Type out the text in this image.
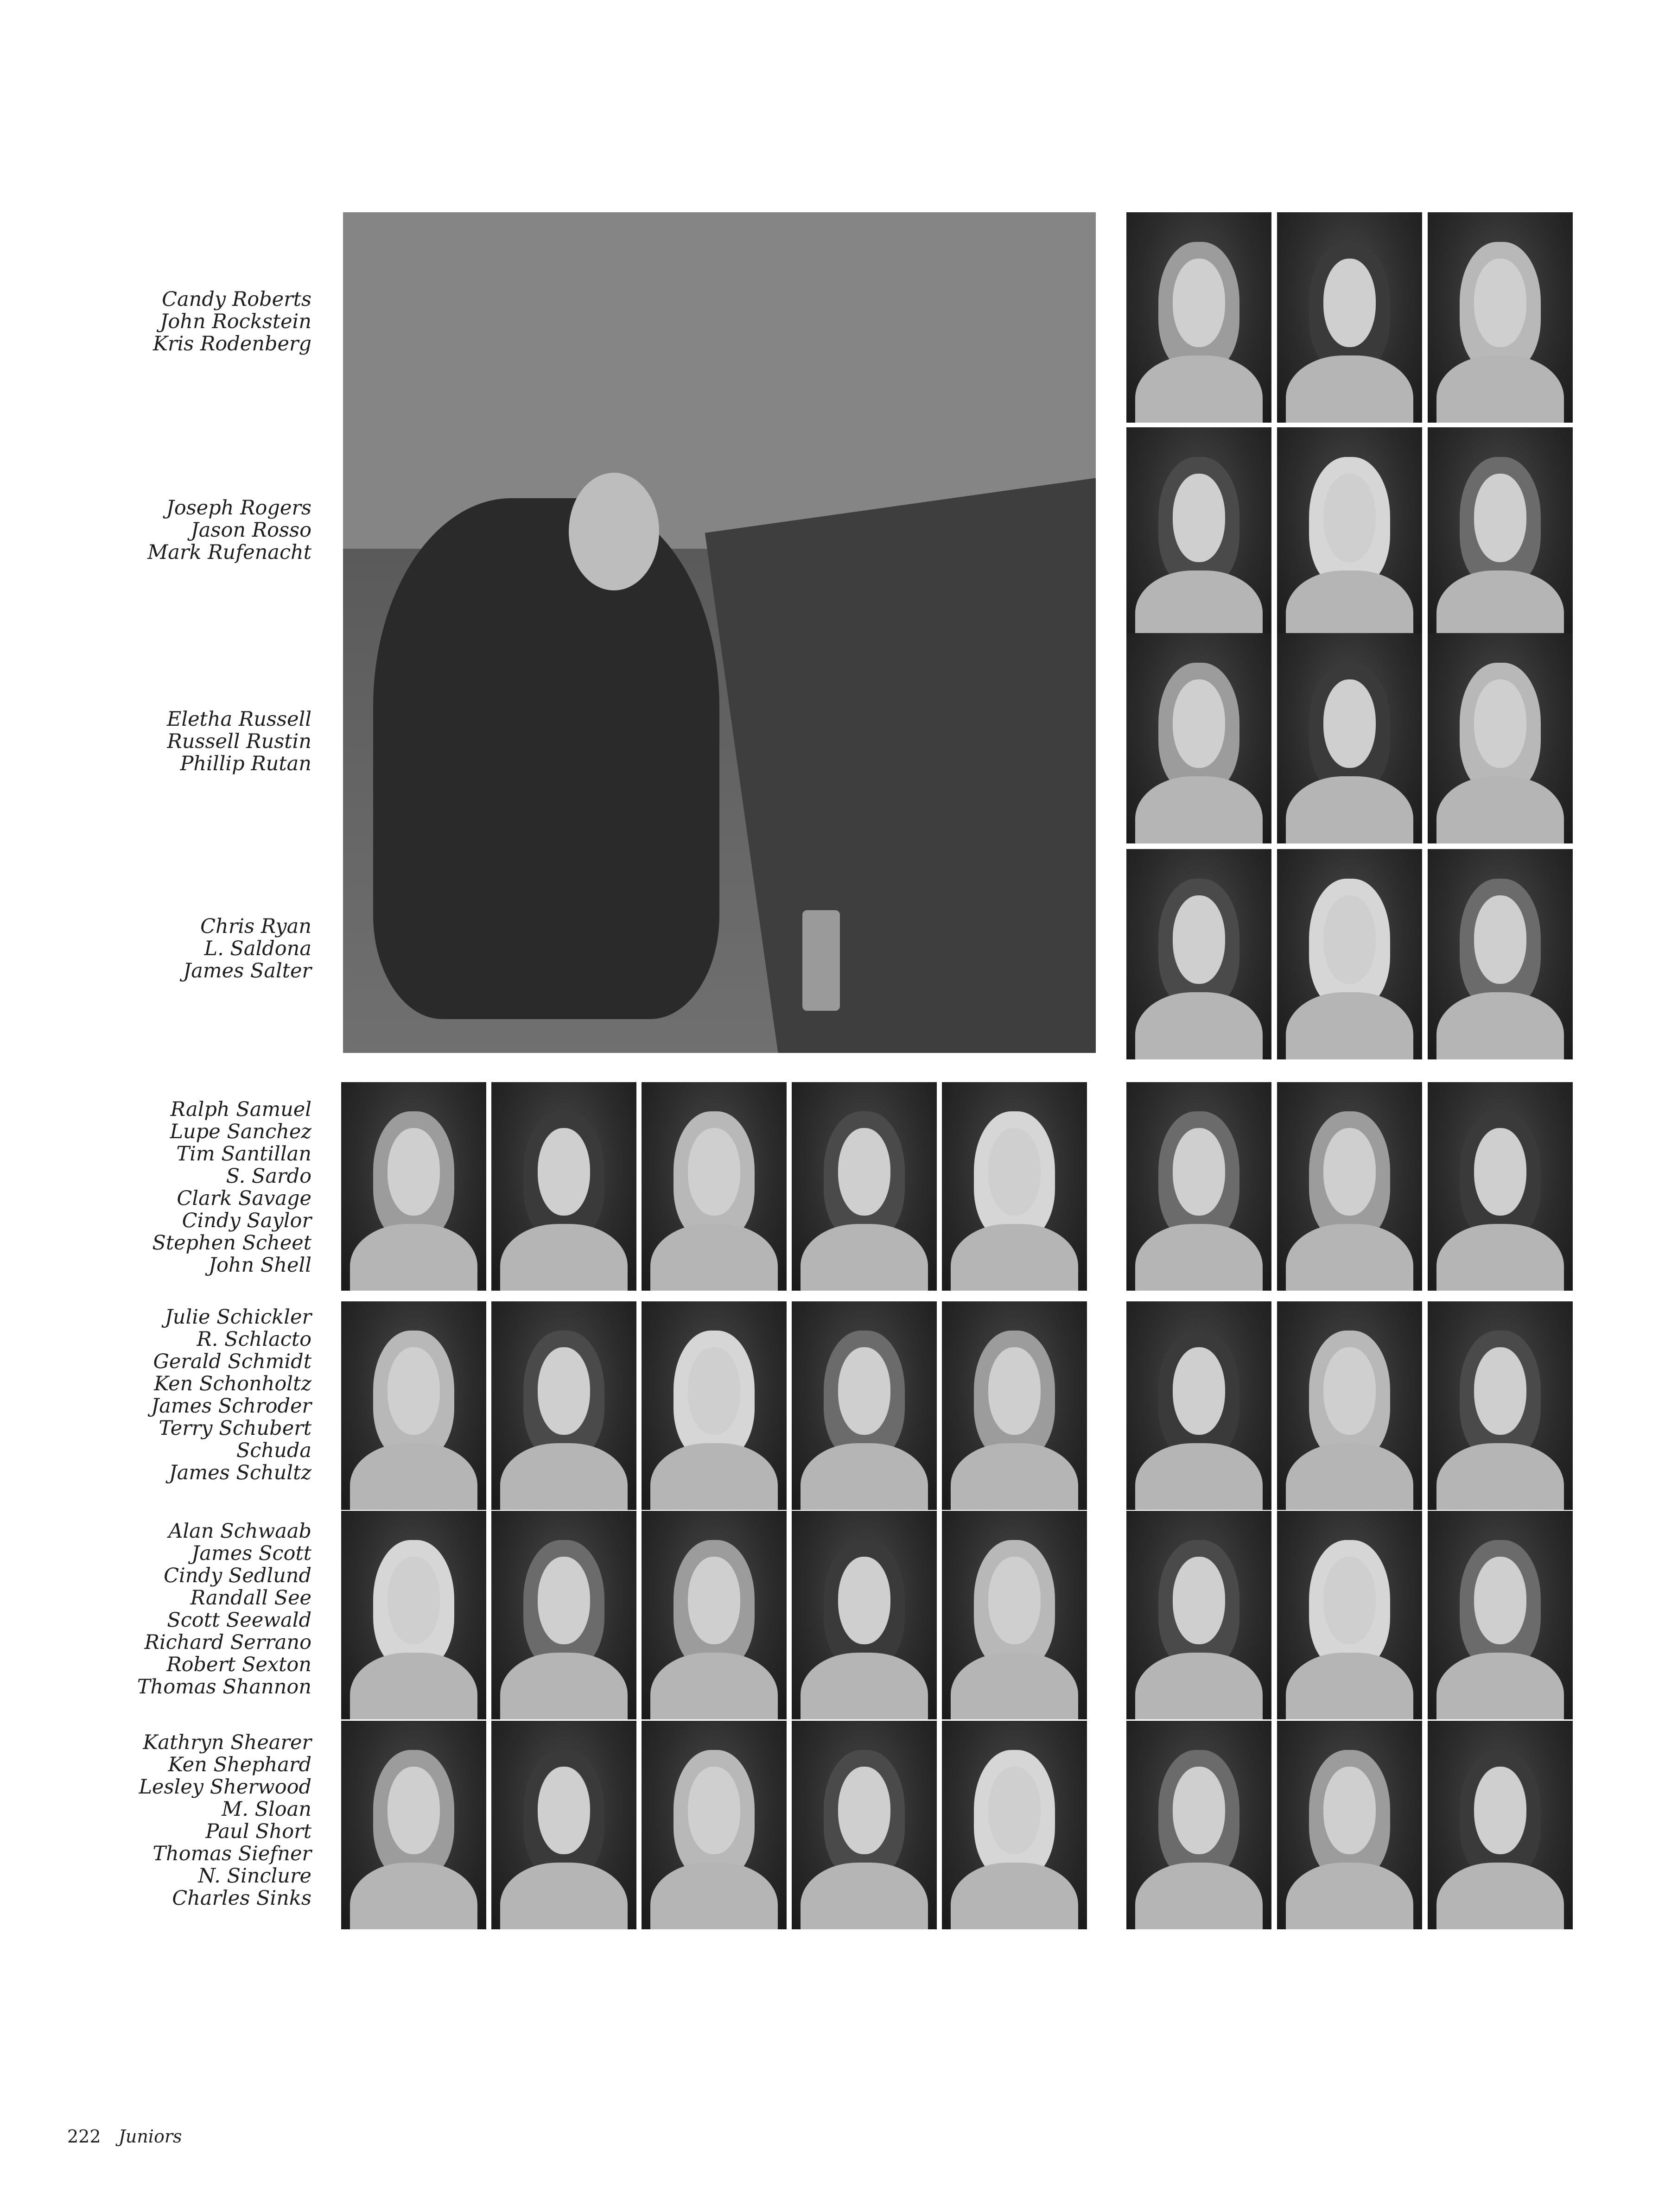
Candy Roberts
John Rockstein
Kris Rodenberg
Joseph Rogers
Jason Rosso
Mark Rufenacht
Eletha Russell
Russell Rustin
Phillip Rutan
Chris Ryan
L. Saldona
James Salter
Ralph Samuel
Lupe Sanchez
Tim Santillan
S. Sardo
Clark Savage
Cindy Saylor
Stephen Scheet
John Shell
Julie Schickler
R. Schlacto
Gerald Schmidt
Ken Schonholtz
James Schroder
Terry Schubert
Schuda
James Schultz
Alan Schwaab
James Scott
Cindy Sedlund
Randall See
Scott Seewald
Richard Serrano
Robert Sexton
Thomas Shannon
Kathryn Shearer
Ken Shephard
Lesley Sherwood
M. Sloan
Paul Short
Thomas Siefner
N. Sinclure
Charles Sinks
222 Juniors
